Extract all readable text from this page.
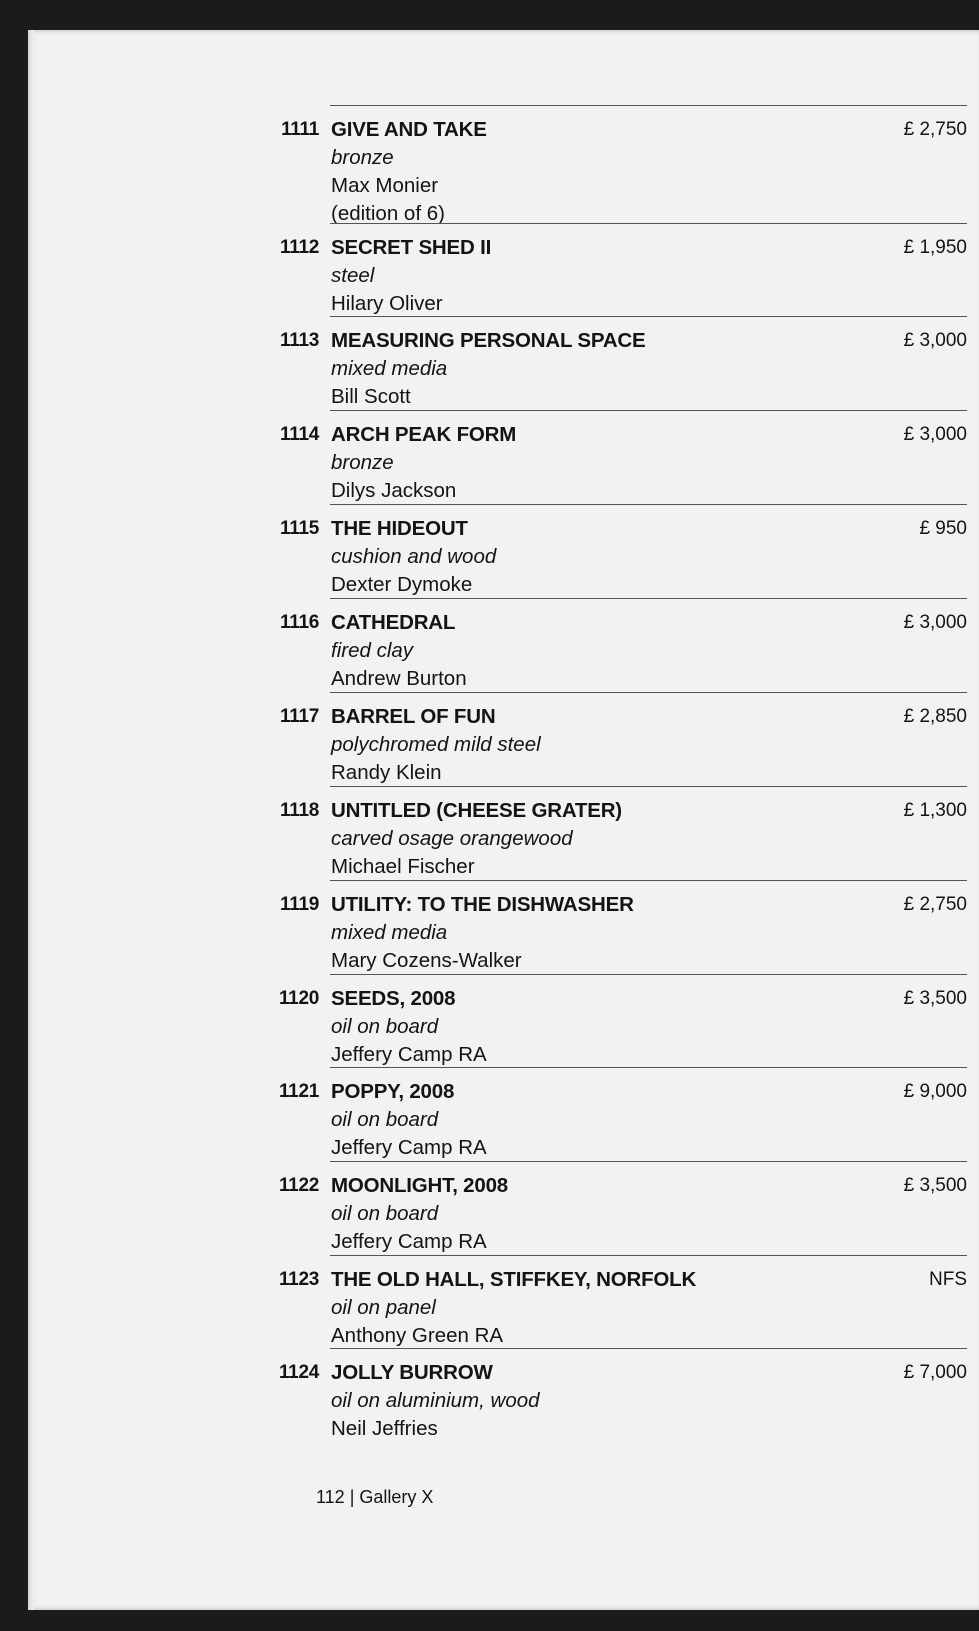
1111 GIVE AND TAKE
bronze
Max Monier
(edition of 6)
£ 2,750
1112 SECRET SHED II
steel
Hilary Oliver
£ 1,950
1113 MEASURING PERSONAL SPACE
mixed media
Bill Scott
£ 3,000
1114 ARCH PEAK FORM
bronze
Dilys Jackson
£ 3,000
1115 THE HIDEOUT
cushion and wood
Dexter Dymoke
£ 950
1116 CATHEDRAL
fired clay
Andrew Burton
£ 3,000
1117 BARREL OF FUN
polychromed mild steel
Randy Klein
£ 2,850
1118 UNTITLED (CHEESE GRATER)
carved osage orangewood
Michael Fischer
£ 1,300
1119 UTILITY: TO THE DISHWASHER
mixed media
Mary Cozens-Walker
£ 2,750
1120 SEEDS, 2008
oil on board
Jeffery Camp RA
£ 3,500
1121 POPPY, 2008
oil on board
Jeffery Camp RA
£ 9,000
1122 MOONLIGHT, 2008
oil on board
Jeffery Camp RA
£ 3,500
1123 THE OLD HALL, STIFFKEY, NORFOLK
oil on panel
Anthony Green RA
NFS
1124 JOLLY BURROW
oil on aluminium, wood
Neil Jeffries
£ 7,000
112 | Gallery X
